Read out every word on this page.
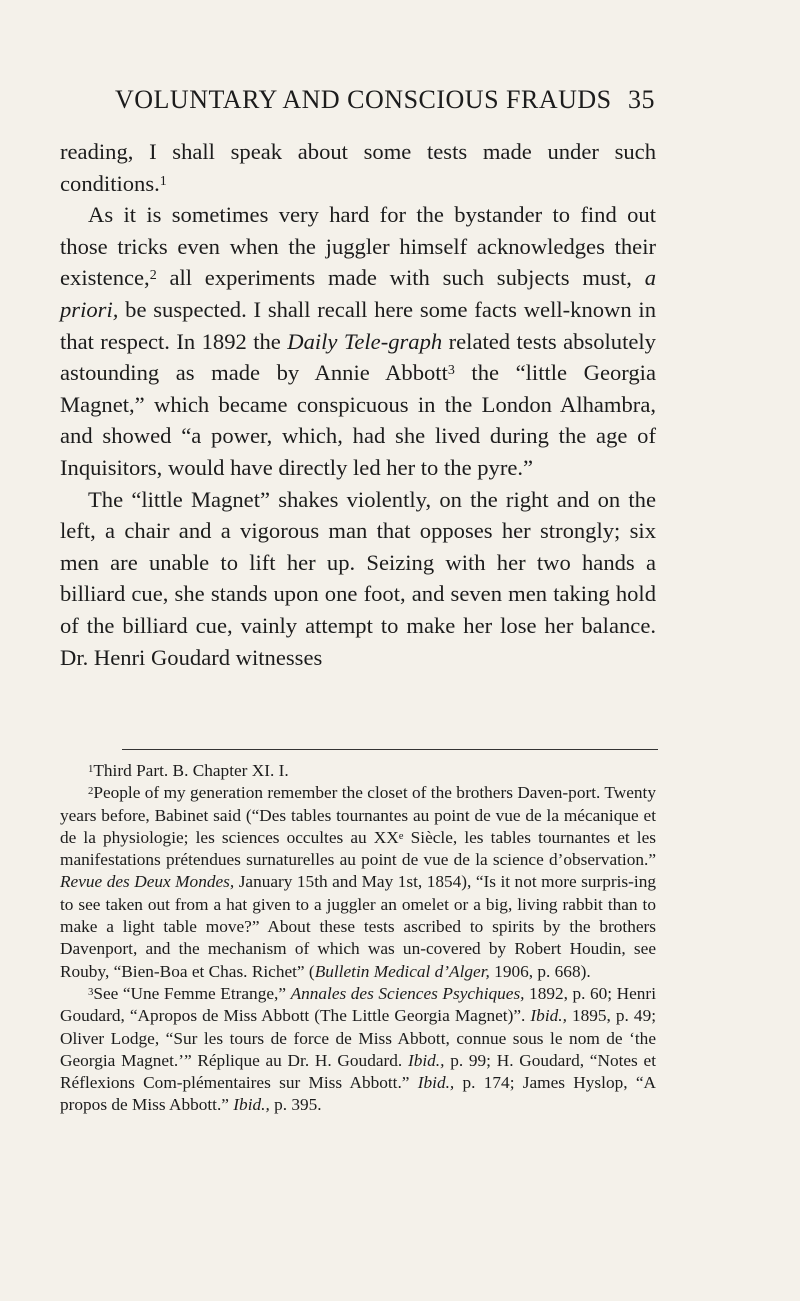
VOLUNTARY AND CONSCIOUS FRAUDS 35

reading, I shall speak about some tests made under such conditions.$^1$

As it is sometimes very hard for the bystander to find out those tricks even when the juggler himself acknowledges their existence,$^2$ all experiments made with such subjects must, a priori, be suspected. I shall recall here some facts well-known in that respect. In 1892 the Daily Tele-graph related tests absolutely astounding as made by Annie Abbott$^3$ the “little Georgia Magnet,” which became conspicuous in the London Alhambra, and showed “a power, which, had she lived during the age of Inquisitors, would have directly led her to the pyre.”

The “little Magnet” shakes violently, on the right and on the left, a chair and a vigorous man that opposes her strongly; six men are unable to lift her up. Seizing with her two hands a billiard cue, she stands upon one foot, and seven men taking hold of the billiard cue, vainly attempt to make her lose her balance. Dr. Henri Goudard witnesses

$^1$Third Part. B. Chapter XI. I.

$^2$People of my generation remember the closet of the brothers Daven-port. Twenty years before, Babinet said (“Des tables tournantes au point de vue de la mécanique et de la physiologie; les sciences occultes au XXe Siècle, les tables tournantes et les manifestations prétendues surnaturelles au point de vue de la science d’observation.” Revue des Deux Mondes, January 15th and May 1st, 1854), “Is it not more surpris-ing to see taken out from a hat given to a juggler an omelet or a big, living rabbit than to make a light table move?” About these tests ascribed to spirits by the brothers Davenport, and the mechanism of which was un-covered by Robert Houdin, see Rouby, “Bien-Boa et Chas. Richet” (Bulletin Medical d’Alger, 1906, p. 668).

$^3$See “Une Femme Etrange,” Annales des Sciences Psychiques, 1892, p. 60; Henri Goudard, “Apropos de Miss Abbott (The Little Georgia Magnet)”. Ibid., 1895, p. 49; Oliver Lodge, “Sur les tours de force de Miss Abbott, connue sous le nom de ‘the Georgia Magnet.’” Réplique au Dr. H. Goudard. Ibid., p. 99; H. Goudard, “Notes et Réflexions Com-plémentaires sur Miss Abbott.” Ibid., p. 174; James Hyslop, “A propos de Miss Abbott.” Ibid., p. 395.
